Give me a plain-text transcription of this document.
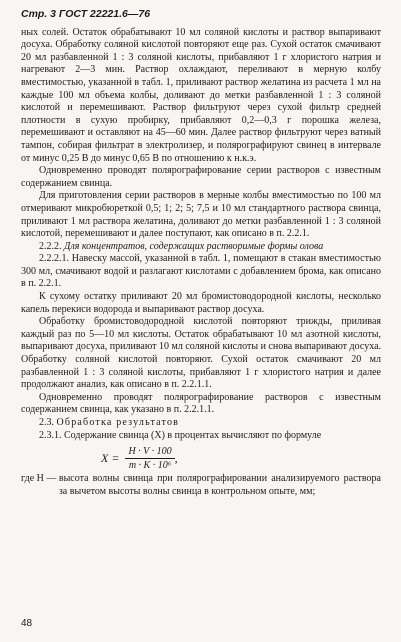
Стр. 3 ГОСТ 22221.6—76

ных солей. Остаток обрабатывают 10 мл соляной кислоты и раствор выпаривают досуха. Обработку соляной кислотой повторяют еще раз. Сухой остаток смачивают 20 мл разбавленной 1 : 3 соляной кислоты, прибавляют 1 г хлористого натрия и нагревают 2—3 мин. Раствор охлаждают, переливают в мерную колбу вместимостью, указанной в табл. 1, приливают раствор желатина из расчета 1 мл на каждые 100 мл объема колбы, доливают до метки разбавленной 1 : 3 соляной кислотой и перемешивают. Раствор фильтруют через сухой фильтр средней плотности в сухую пробирку, прибавляют 0,2—0,3 г порошка железа, перемешивают и оставляют на 45—60 мин. Далее раствор фильтруют через ватный тампон, собирая фильтрат в электролизер, и полярографируют свинец в интервале от минус 0,25 В до минус 0,65 В по отношению к н.к.э.

Одновременно проводят полярографирование серии растворов с известным содержанием свинца.

Для приготовления серии растворов в мерные колбы вместимостью по 100 мл отмеривают микробюреткой 0,5; 1; 2; 5; 7,5 и 10 мл стандартного раствора свинца, приливают 1 мл раствора желатина, доливают до метки разбавленной 1 : 3 соляной кислотой, перемешивают и далее поступают, как описано в п. 2.2.1.

2.2.2. Для концентратов, содержащих растворимые формы олова

2.2.2.1. Навеску массой, указанной в табл. 1, помещают в стакан вместимостью 300 мл, смачивают водой и разлагают кислотами с добавлением брома, как описано в п. 2.2.1.

К сухому остатку приливают 20 мл бромистоводородной кислоты, несколько капель перекиси водорода и выпаривают раствор досуха.

Обработку бромистоводородной кислотой повторяют трижды, приливая каждый раз по 5—10 мл кислоты. Остаток обрабатывают 10 мл азотной кислоты, выпаривают досуха, приливают 10 мл соляной кислоты и снова выпаривают досуха. Обработку соляной кислотой повторяют. Сухой остаток смачивают 20 мл разбавленной 1 : 3 соляной кислоты, прибавляют 1 г хлористого натрия и далее продолжают анализ, как описано в п. 2.2.1.1.

Одновременно проводят полярографирование растворов с известным содержанием свинца, как указано в п. 2.2.1.1.

2.3. Обработка результатов

2.3.1. Содержание свинца (X) в процентах вычисляют по формуле

$X = \frac{H \cdot V \cdot 100}{\text{m · K · 10⁶}}$ ,
где H — высота волны свинца при полярографировании анализируемого раствора за вычетом высоты волны свинца в контрольном опыте, мм;
48
